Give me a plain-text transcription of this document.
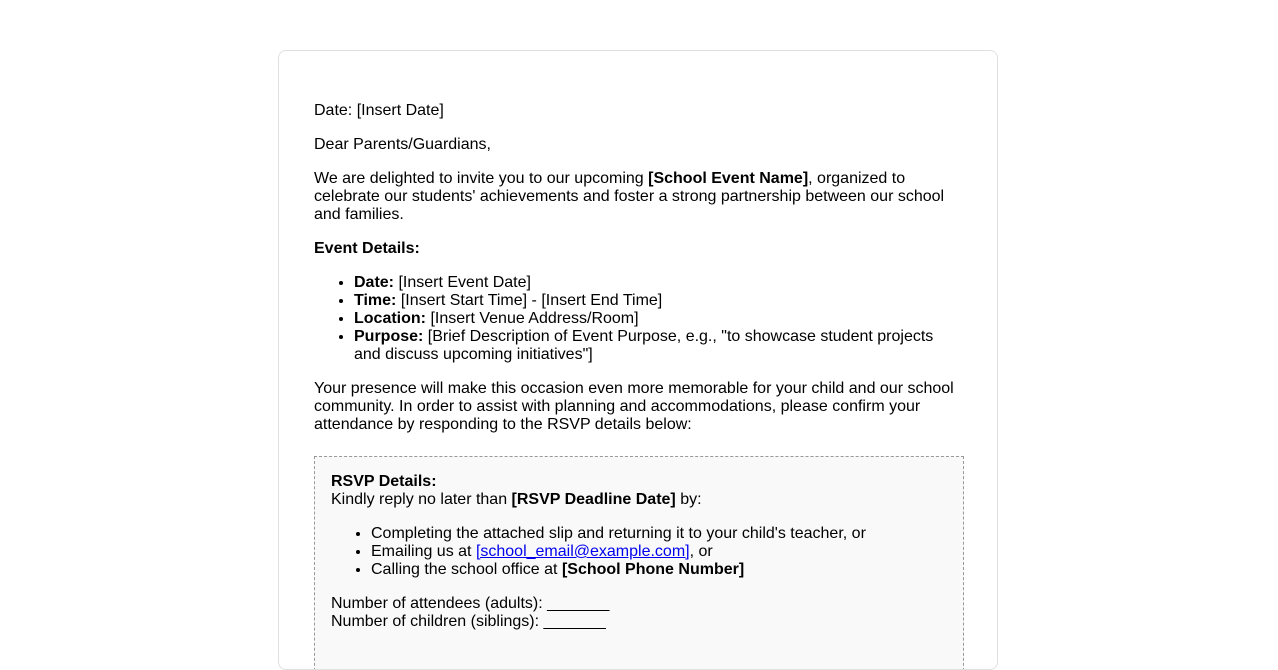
Date: [Insert Date]

Dear Parents/Guardians,

We are delighted to invite you to our upcoming [School Event Name], organized to celebrate our students' achievements and foster a strong partnership between our school and families.

Event Details:

• Date: [Insert Event Date]
• Time: [Insert Start Time] - [Insert End Time]
• Location: [Insert Venue Address/Room]
• Purpose: [Brief Description of Event Purpose, e.g., "to showcase student projects and discuss upcoming initiatives"]

Your presence will make this occasion even more memorable for your child and our school community. In order to assist with planning and accommodations, please confirm your attendance by responding to the RSVP details below:

RSVP Details:

Kindly reply no later than [RSVP Deadline Date] by:

• Completing the attached slip and returning it to your child's teacher, or
• Emailing us at [school_email@example.com], or
• Calling the school office at [School Phone Number]
Number of attendees (adults): _______
Number of children (siblings): _______
